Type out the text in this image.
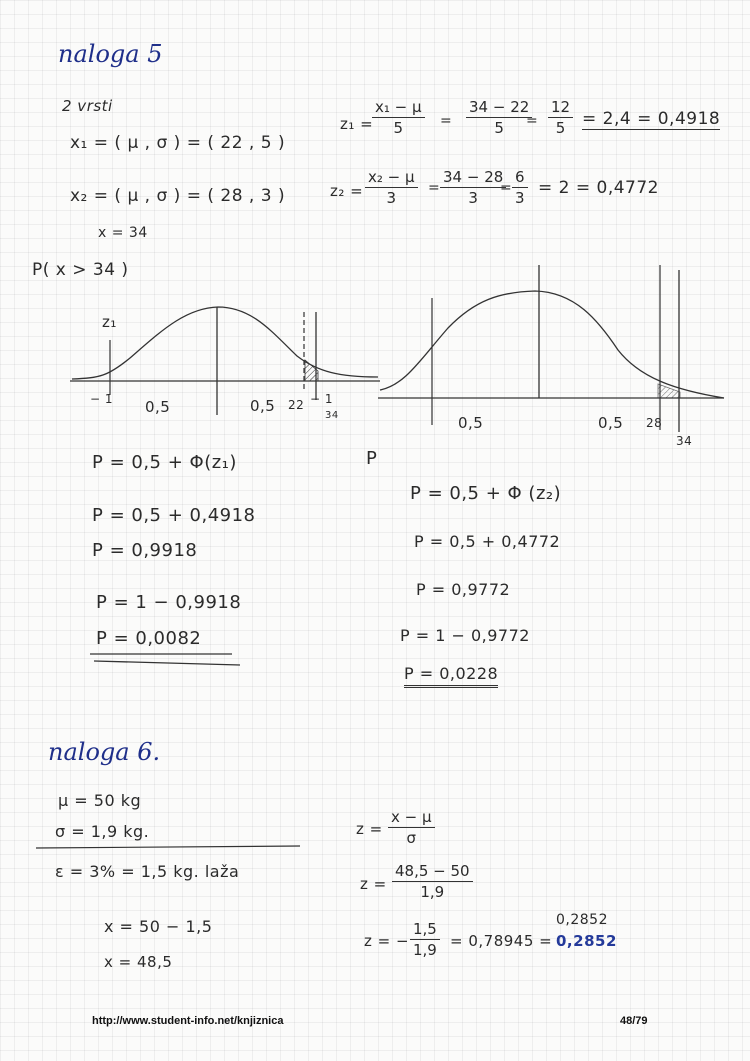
naloga 5
2 vrsti
x₁ = ( μ , σ ) = ( 22 , 5 )
x₂ = ( μ , σ ) = ( 28 , 3 )
x = 34
P( x > 34 )
z₁ =
$\frac{\text{x₁ − μ}}{5} = \frac{34 - 22}{5}$
= $\frac{12}{5} = 2,4 = 0,4918$
$z_2 = \frac{\text{x₂ − μ}}{3} = \frac{34 - 28}{3}$
= $\frac{6}{3} = 2 = 0,4772$
z₁
− 1 0,5	0,5 22 − 1
34	0,5	0,5 28
34
P = 0,5 + Φ(z₁)
P = 0,5 + 0,4918
P = 0,9918
P = 1 − 0,9918
P = 0,0082
P
P = 0,5 + Φ (z₂)
P = 0,5 + 0,4772
P = 0,9772
P = 1 − 0,9772
P = 0,0228
naloga 6.
μ = 50 kg
σ = 1,9 kg.
ε = 3% = 1,5 kg. laža
x = 50 − 1,5
x = 48,5
$z = \frac{x - \mu}{\sigma}$
$z = \frac{48,5 - 50}{1,9}$
z = − $\frac{1,5}{1,9} = 0,78945$ =
0,2852
0,2852
http://www.student-info.net/knjiznica	48/79
